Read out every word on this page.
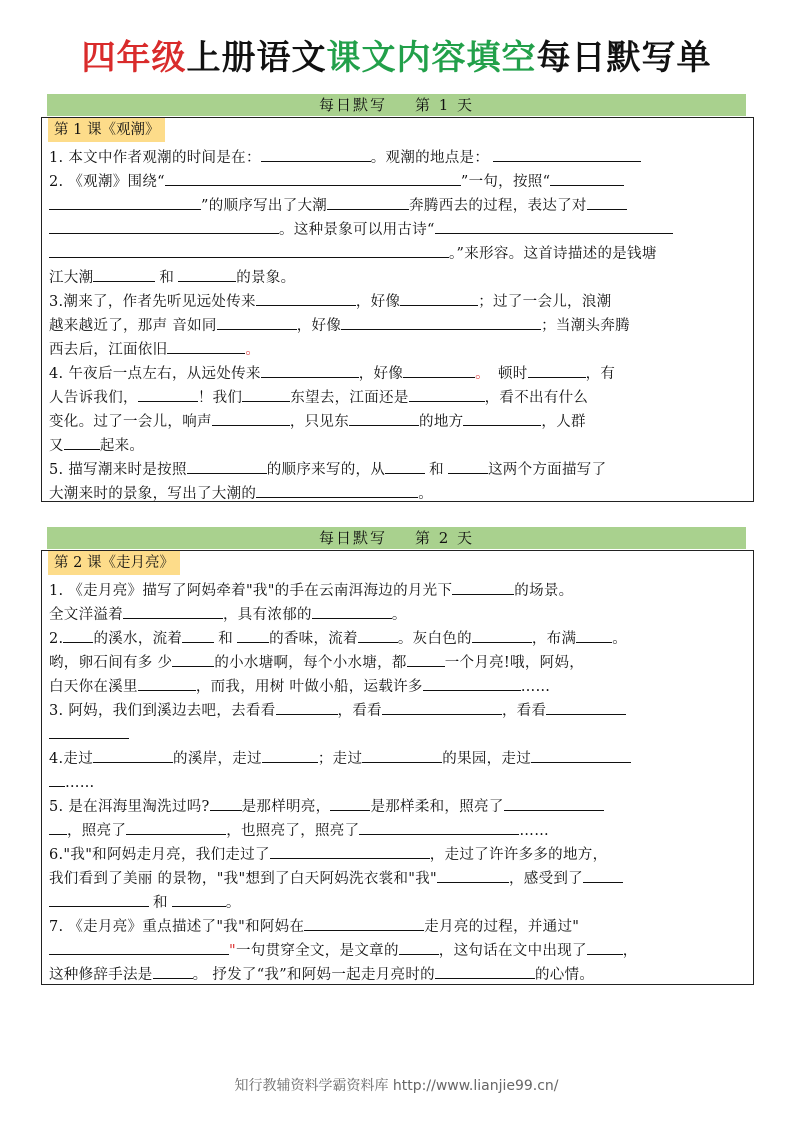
四年级上册语文课文内容填空每日默写单
每日默写 第 1 天
第 1 课《观潮》
1. 本文中作者观潮的时间是在：	。观潮的地点是：
2. 《观潮》围绕“	”一句，按照“
”的顺序写出了大潮	奔腾西去的过程，表达了对
。这种景象可以用古诗“
。”来形容。这首诗描述的是钱塘
江大潮	和	的景象。
3.潮来了，作者先听见远处传来	，好像	；过了一会儿，浪潮
越来越近了，那声 音如同	，好像	；当潮头奔腾
西去后，江面依旧	。
4. 午夜后一点左右，从远处传来	，好像	。 顿时	，有
人告诉我们，	！我们	东望去，江面还是	，看不出有什么
变化。过了一会儿，响声	，只见东	的地方	，人群
又 起来。
5. 描写潮来时是按照	的顺序来写的，从	和	这两个方面描写了
大潮来时的景象，写出了大潮的	。
每日默写 第 2 天
第 2 课《走月亮》
1. 《走月亮》描写了阿妈牵着"我"的手在云南洱海边的月光下	的场景。
全文洋溢着	，具有浓郁的	。
2. 的溪水，流着 和 的香味，流着	。灰白色的	，布满 。
哟，卵石间有多 少	的小水塘啊，每个小水塘，都	一个月亮!哦，阿妈，
白天你在溪里	，而我，用树 叶做小船，运载许多	……
3. 阿妈，我们到溪边去吧，去看看	，看看	，看看
4.走过	的溪岸，走过	；走过	的果园，走过
……
5. 是在洱海里淘洗过吗? 是那样明亮，	是那样柔和，照亮了
，照亮了	，也照亮了，照亮了	……
6."我"和阿妈走月亮，我们走过了	，走过了许许多多的地方，
我们看到了美丽 的景物，"我"想到了白天阿妈洗衣裳和"我"	，感受到了
和	。
7. 《走月亮》重点描述了"我"和阿妈在	走月亮的过程，并通过"
"一句贯穿全文，是文章的	，这句话在文中出现了 ，
这种修辞手法是	。 抒发了“我”和阿妈一起走月亮时的	的心情。
知行教辅资料学霸资料库 http://www.lianjie99.cn/
